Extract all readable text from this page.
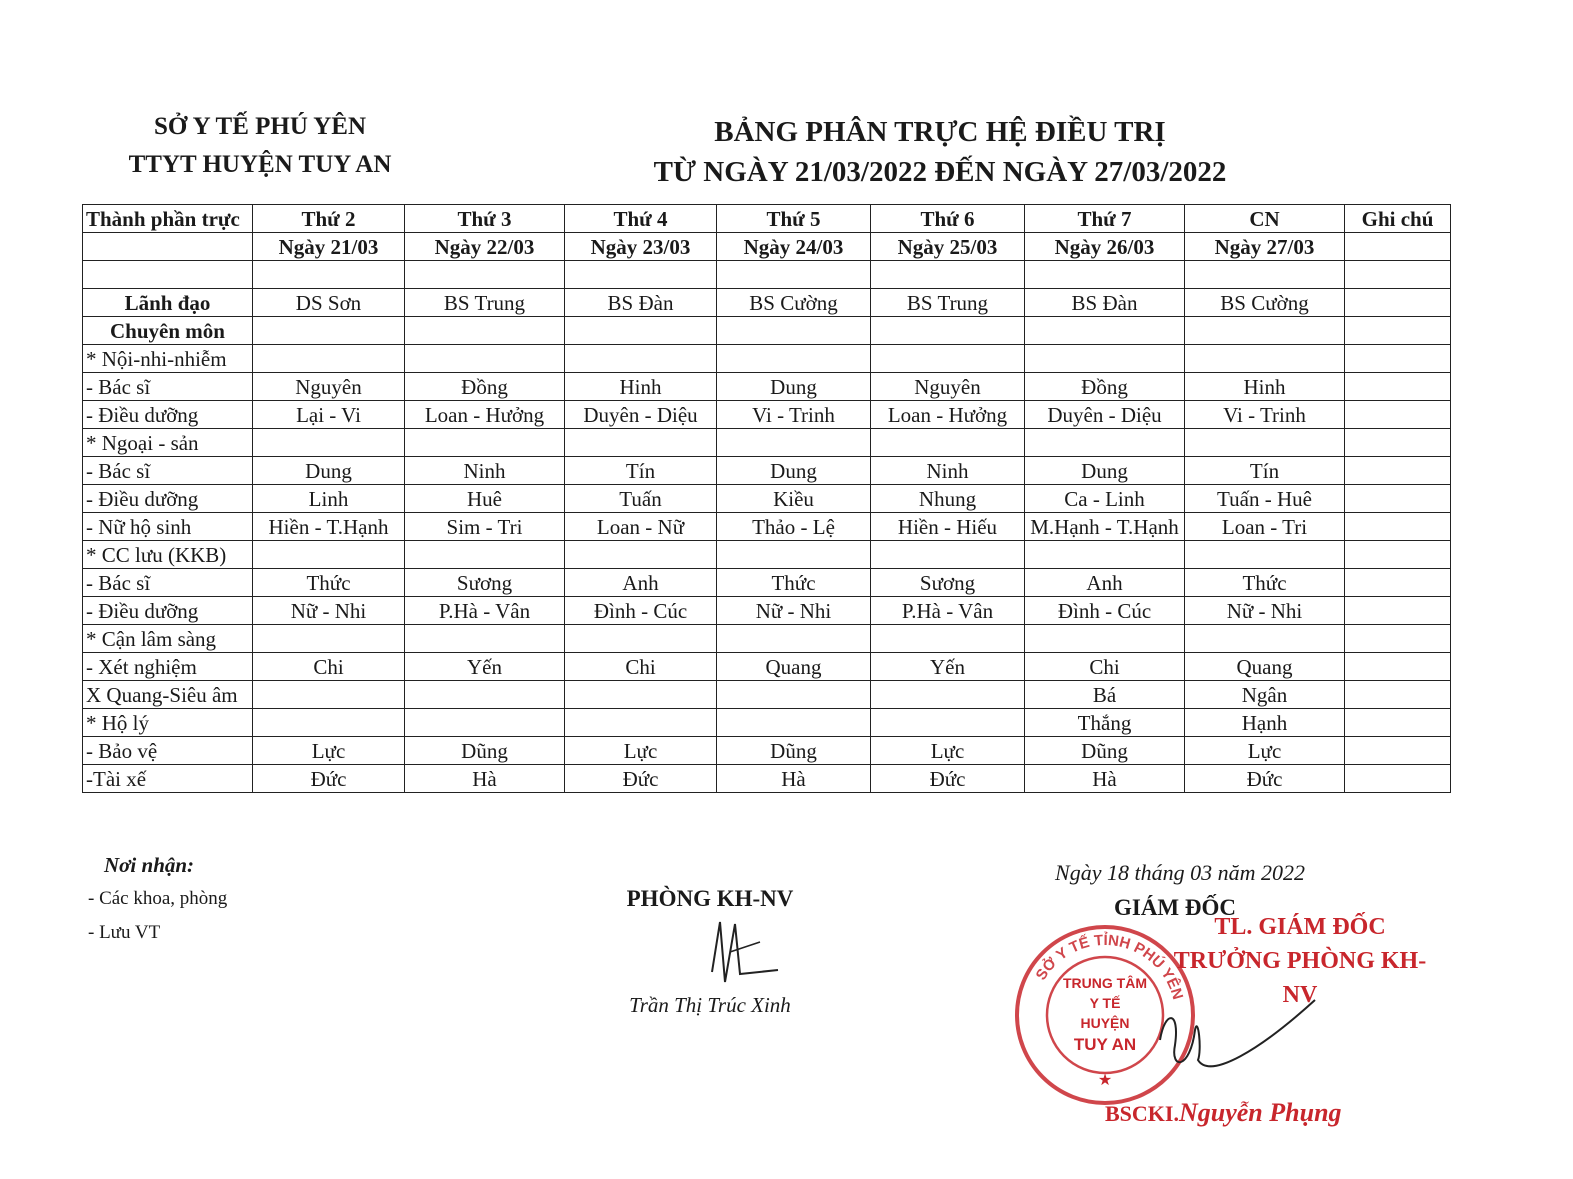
SỞ Y TẾ PHÚ YÊN
TTYT HUYỆN TUY AN
BẢNG PHÂN TRỰC HỆ ĐIỀU TRỊ
TỪ NGÀY 21/03/2022 ĐẾN NGÀY 27/03/2022
Thành phần trực	Thứ 2	Thứ 3	Thứ 4	Thứ 5	Thứ 6	Thứ 7	CN	Ghi chú
	Ngày 21/03	Ngày 22/03	Ngày 23/03	Ngày 24/03	Ngày 25/03	Ngày 26/03	Ngày 27/03	

Lãnh đạo	DS Sơn	BS Trung	BS Đàn	BS Cường	BS Trung	BS Đàn	BS Cường	
Chuyên môn								
* Nội-nhi-nhiễm								
- Bác sĩ	Nguyên	Đồng	Hinh	Dung	Nguyên	Đồng	Hinh	
- Điều dưỡng	Lại - Vi	Loan - Hưởng	Duyên - Diệu	Vi - Trinh	Loan - Hưởng	Duyên - Diệu	Vi - Trinh	
* Ngoại - sản								
- Bác sĩ	Dung	Ninh	Tín	Dung	Ninh	Dung	Tín	
- Điều dưỡng	Linh	Huê	Tuấn	Kiều	Nhung	Ca - Linh	Tuấn - Huê	
- Nữ hộ sinh	Hiền - T.Hạnh	Sim - Tri	Loan - Nữ	Thảo - Lệ	Hiền - Hiếu	M.Hạnh - T.Hạnh	Loan - Tri	
* CC lưu (KKB)								
- Bác sĩ	Thức	Sương	Anh	Thức	Sương	Anh	Thức	
- Điều dưỡng	Nữ - Nhi	P.Hà - Vân	Đình - Cúc	Nữ - Nhi	P.Hà - Vân	Đình - Cúc	Nữ - Nhi	
* Cận lâm sàng								
- Xét nghiệm	Chi	Yến	Chi	Quang	Yến	Chi	Quang	
X Quang-Siêu âm						Bá	Ngân	
* Hộ lý						Thắng	Hạnh	
- Bảo vệ	Lực	Dũng	Lực	Dũng	Lực	Dũng	Lực	
-Tài xế	Đức	Hà	Đức	Hà	Đức	Hà	Đức	
Nơi nhận:
- Các khoa, phòng
- Lưu VT
PHÒNG KH-NV
Trần Thị Trúc Xinh
Ngày 18 tháng 03 năm 2022
GIÁM ĐỐC
TL. GIÁM ĐỐC
TRƯỞNG PHÒNG KH-NV
SỞ Y TẾ TỈNH PHÚ YÊN
TRUNG TÂM
Y TẾ
HUYỆN
TUY AN
★
BSCKI.Nguyễn Phụng
